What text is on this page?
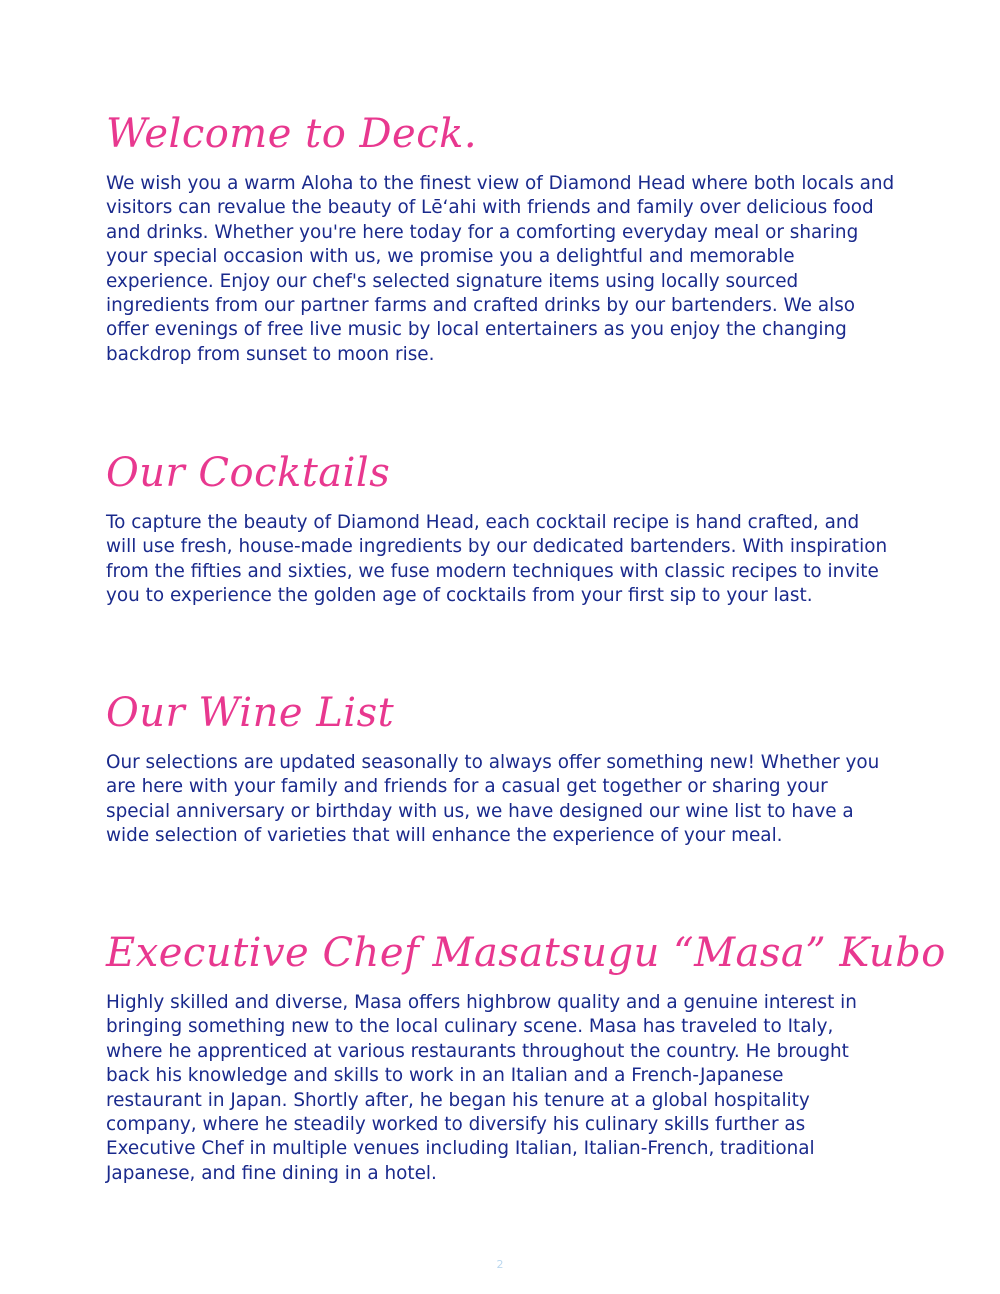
Welcome to Deck.

We wish you a warm Aloha to the finest view of Diamond Head where both locals and
visitors can revalue the beauty of Lēʻahi with friends and family over delicious food
and drinks. Whether you're here today for a comforting everyday meal or sharing
your special occasion with us, we promise you a delightful and memorable
experience. Enjoy our chef's selected signature items using locally sourced
ingredients from our partner farms and crafted drinks by our bartenders. We also
offer evenings of free live music by local entertainers as you enjoy the changing
backdrop from sunset to moon rise.

Our Cocktails

To capture the beauty of Diamond Head, each cocktail recipe is hand crafted, and
will use fresh, house-made ingredients by our dedicated bartenders. With inspiration
from the fifties and sixties, we fuse modern techniques with classic recipes to invite
you to experience the golden age of cocktails from your first sip to your last.

Our Wine List

Our selections are updated seasonally to always offer something new! Whether you
are here with your family and friends for a casual get together or sharing your
special anniversary or birthday with us, we have designed our wine list to have a
wide selection of varieties that will enhance the experience of your meal.

Executive Chef Masatsugu “Masa” Kubo

Highly skilled and diverse, Masa offers highbrow quality and a genuine interest in
bringing something new to the local culinary scene. Masa has traveled to Italy,
where he apprenticed at various restaurants throughout the country. He brought
back his knowledge and skills to work in an Italian and a French-Japanese
restaurant in Japan. Shortly after, he began his tenure at a global hospitality
company, where he steadily worked to diversify his culinary skills further as
Executive Chef in multiple venues including Italian, Italian-French, traditional
Japanese, and fine dining in a hotel.

2
